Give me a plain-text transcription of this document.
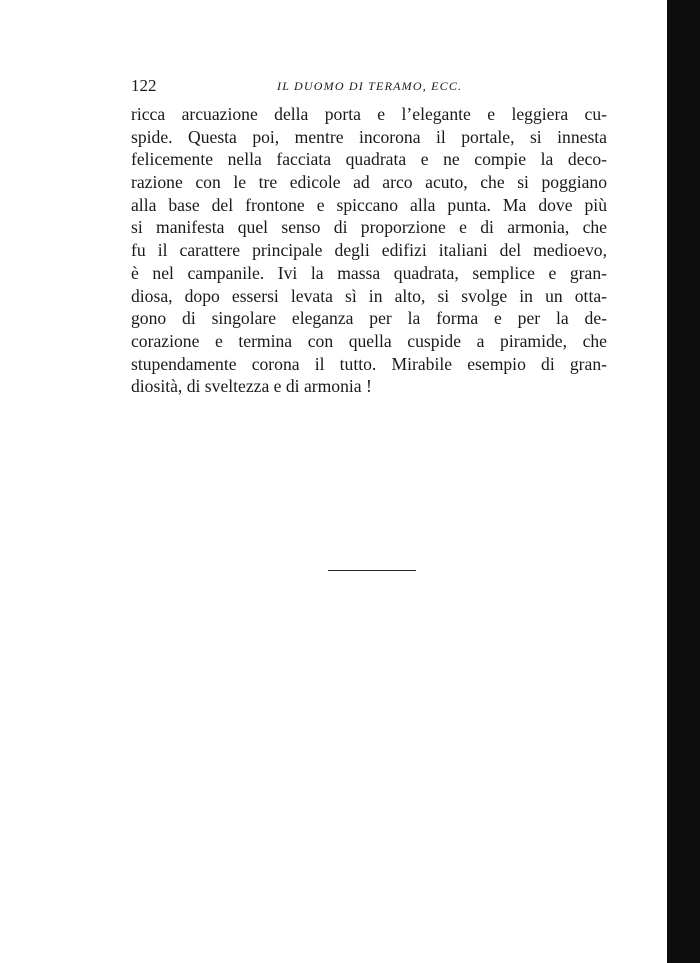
122	IL DUOMO DI TERAMO, ECC.

ricca arcuazione della porta e l’elegante e leggiera cu-
spide. Questa poi, mentre incorona il portale, si innesta
felicemente nella facciata quadrata e ne compie la deco-
razione con le tre edicole ad arco acuto, che si poggiano
alla base del frontone e spiccano alla punta. Ma dove più
si manifesta quel senso di proporzione e di armonia, che
fu il carattere principale degli edifizi italiani del medioevo,
è nel campanile. Ivi la massa quadrata, semplice e gran-
diosa, dopo essersi levata sì in alto, si svolge in un otta-
gono di singolare eleganza per la forma e per la de-
corazione e termina con quella cuspide a piramide, che
stupendamente corona il tutto. Mirabile esempio di gran-
diosità, di sveltezza e di armonia !
